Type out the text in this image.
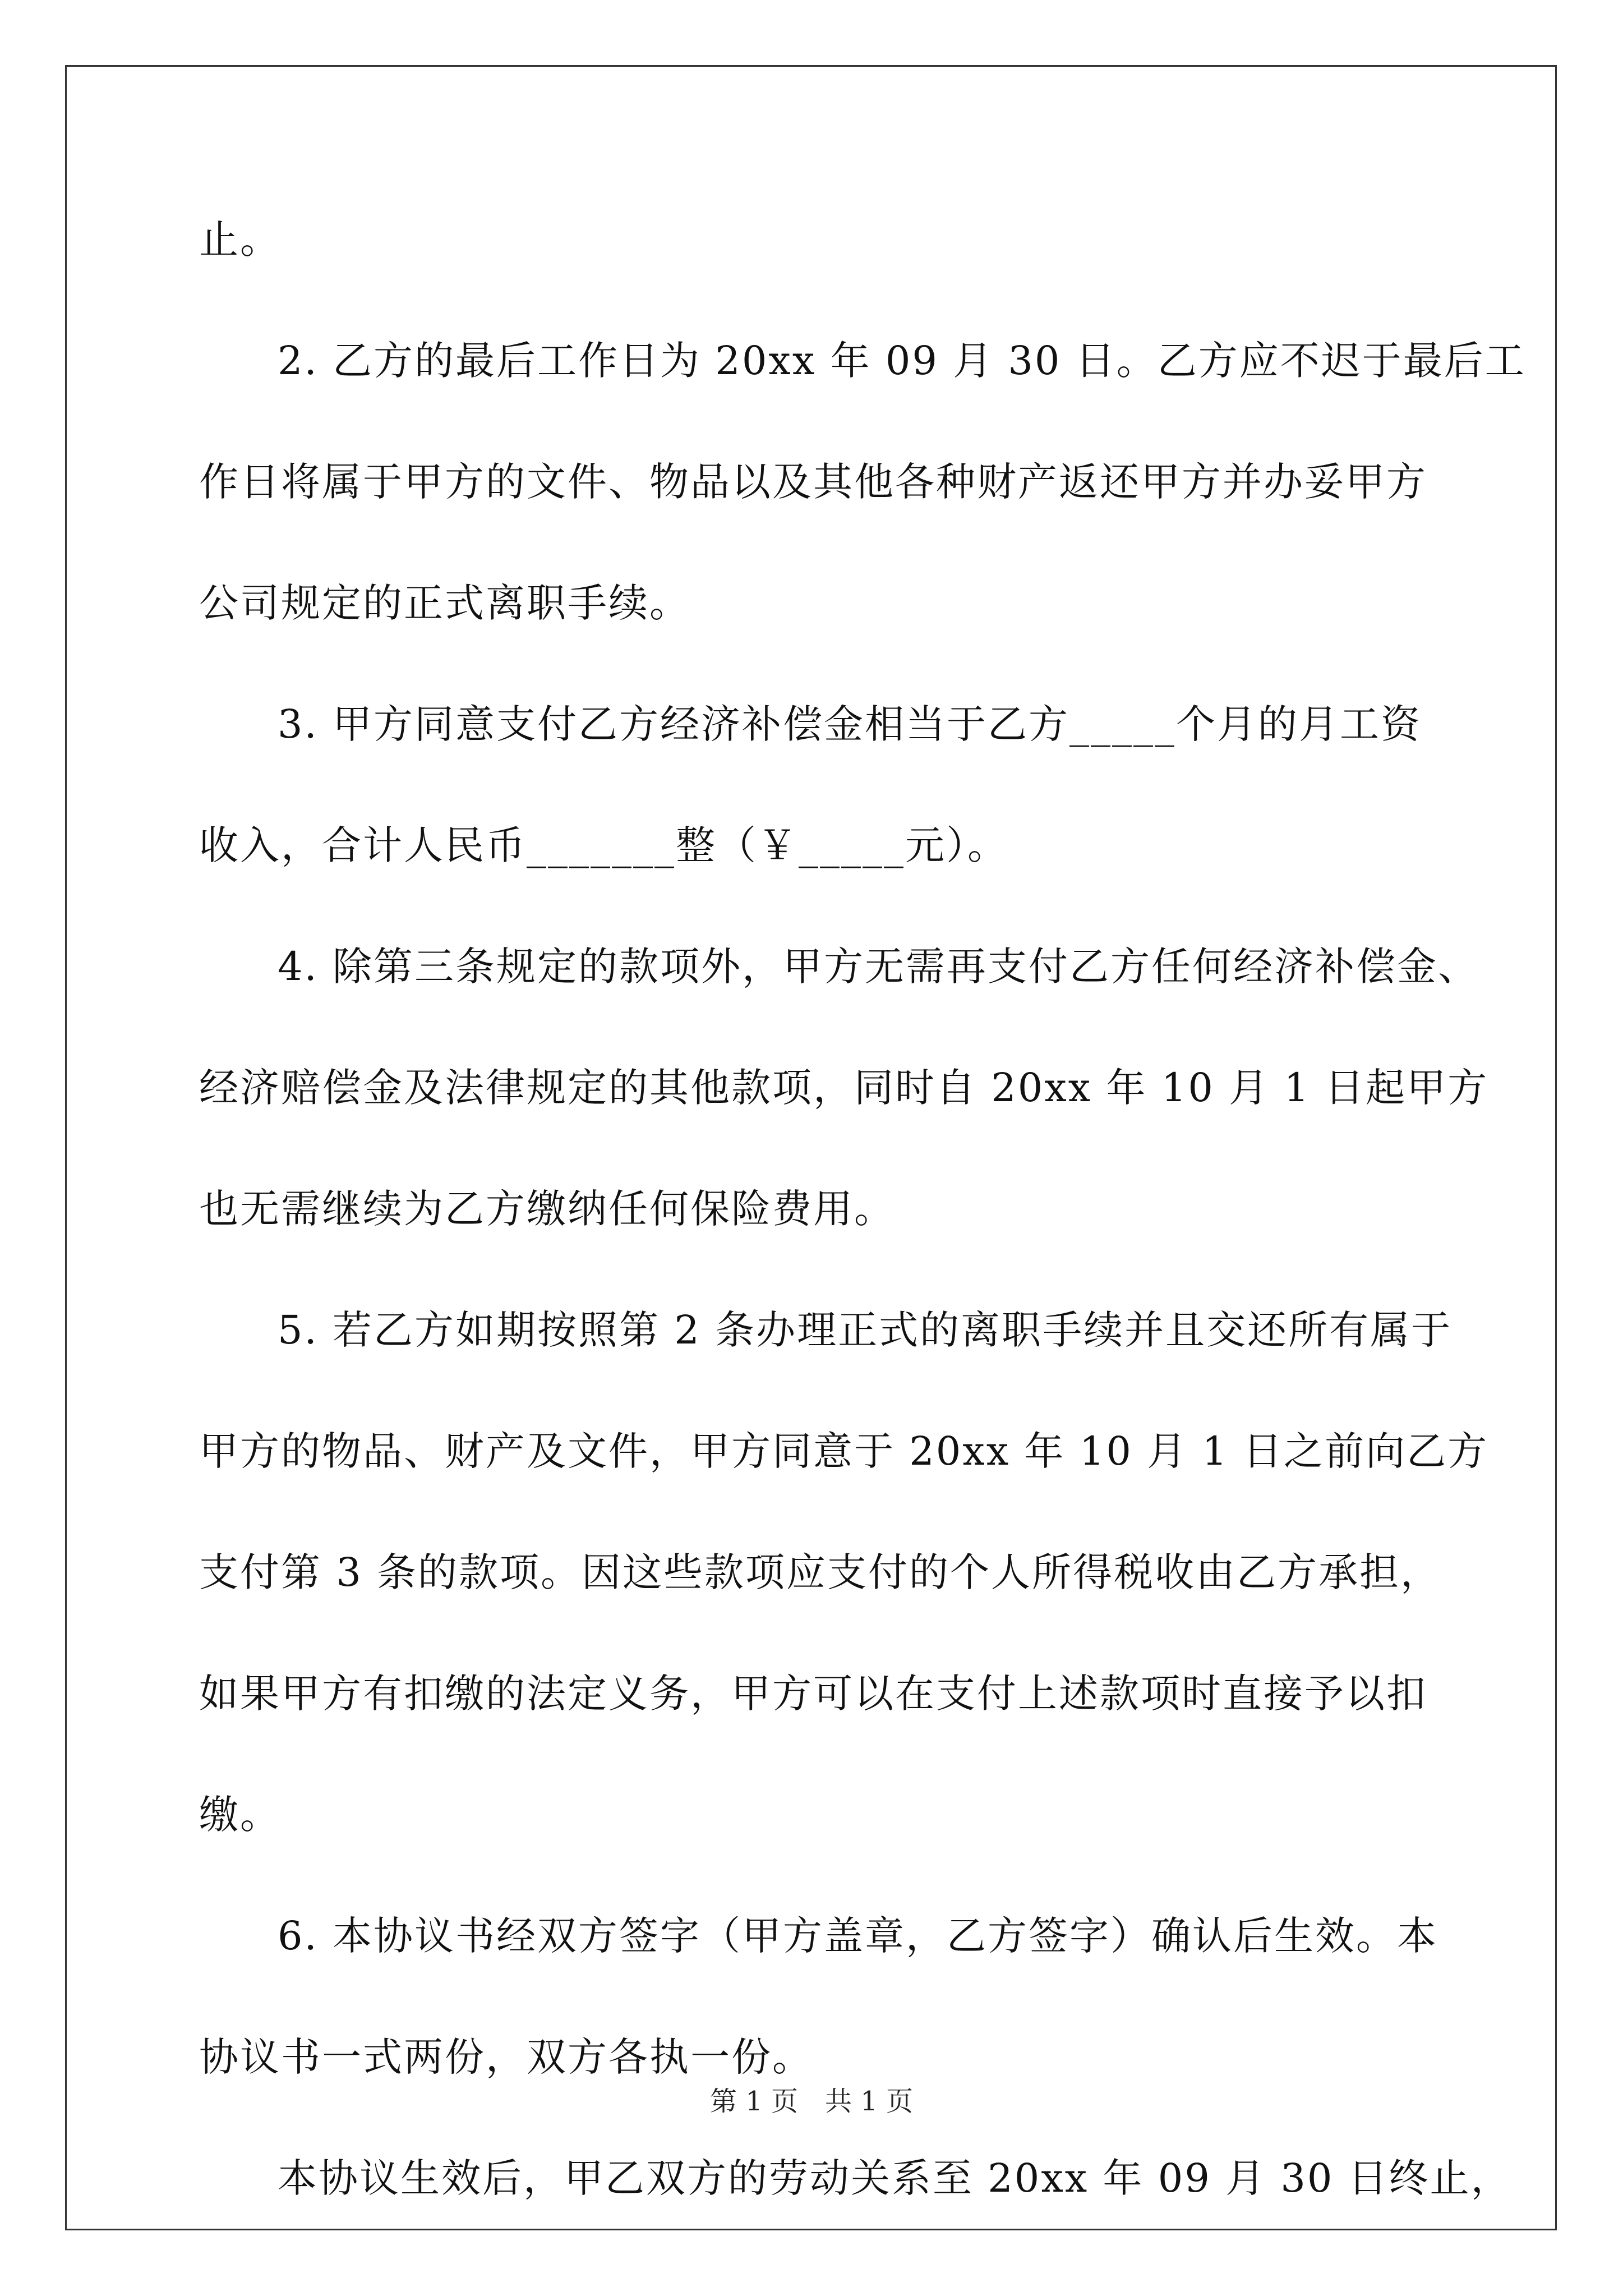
止。
2. 乙方的最后工作日为 20xx 年 09 月 30 日。乙方应不迟于最后工
作日将属于甲方的文件、物品以及其他各种财产返还甲方并办妥甲方
公司规定的正式离职手续。
3. 甲方同意支付乙方经济补偿金相当于乙方_____个月的月工资
收入，合计人民币_______整（￥_____元）。
4. 除第三条规定的款项外，甲方无需再支付乙方任何经济补偿金、
经济赔偿金及法律规定的其他款项，同时自 20xx 年 10 月 1 日起甲方
也无需继续为乙方缴纳任何保险费用。
5. 若乙方如期按照第 2 条办理正式的离职手续并且交还所有属于
甲方的物品、财产及文件，甲方同意于 20xx 年 10 月 1 日之前向乙方
支付第 3 条的款项。因这些款项应支付的个人所得税收由乙方承担，
如果甲方有扣缴的法定义务，甲方可以在支付上述款项时直接予以扣
缴。
6. 本协议书经双方签字（甲方盖章，乙方签字）确认后生效。本
协议书一式两份，双方各执一份。
本协议生效后，甲乙双方的劳动关系至 20xx 年 09 月 30 日终止，
第 1 页　共 1 页
